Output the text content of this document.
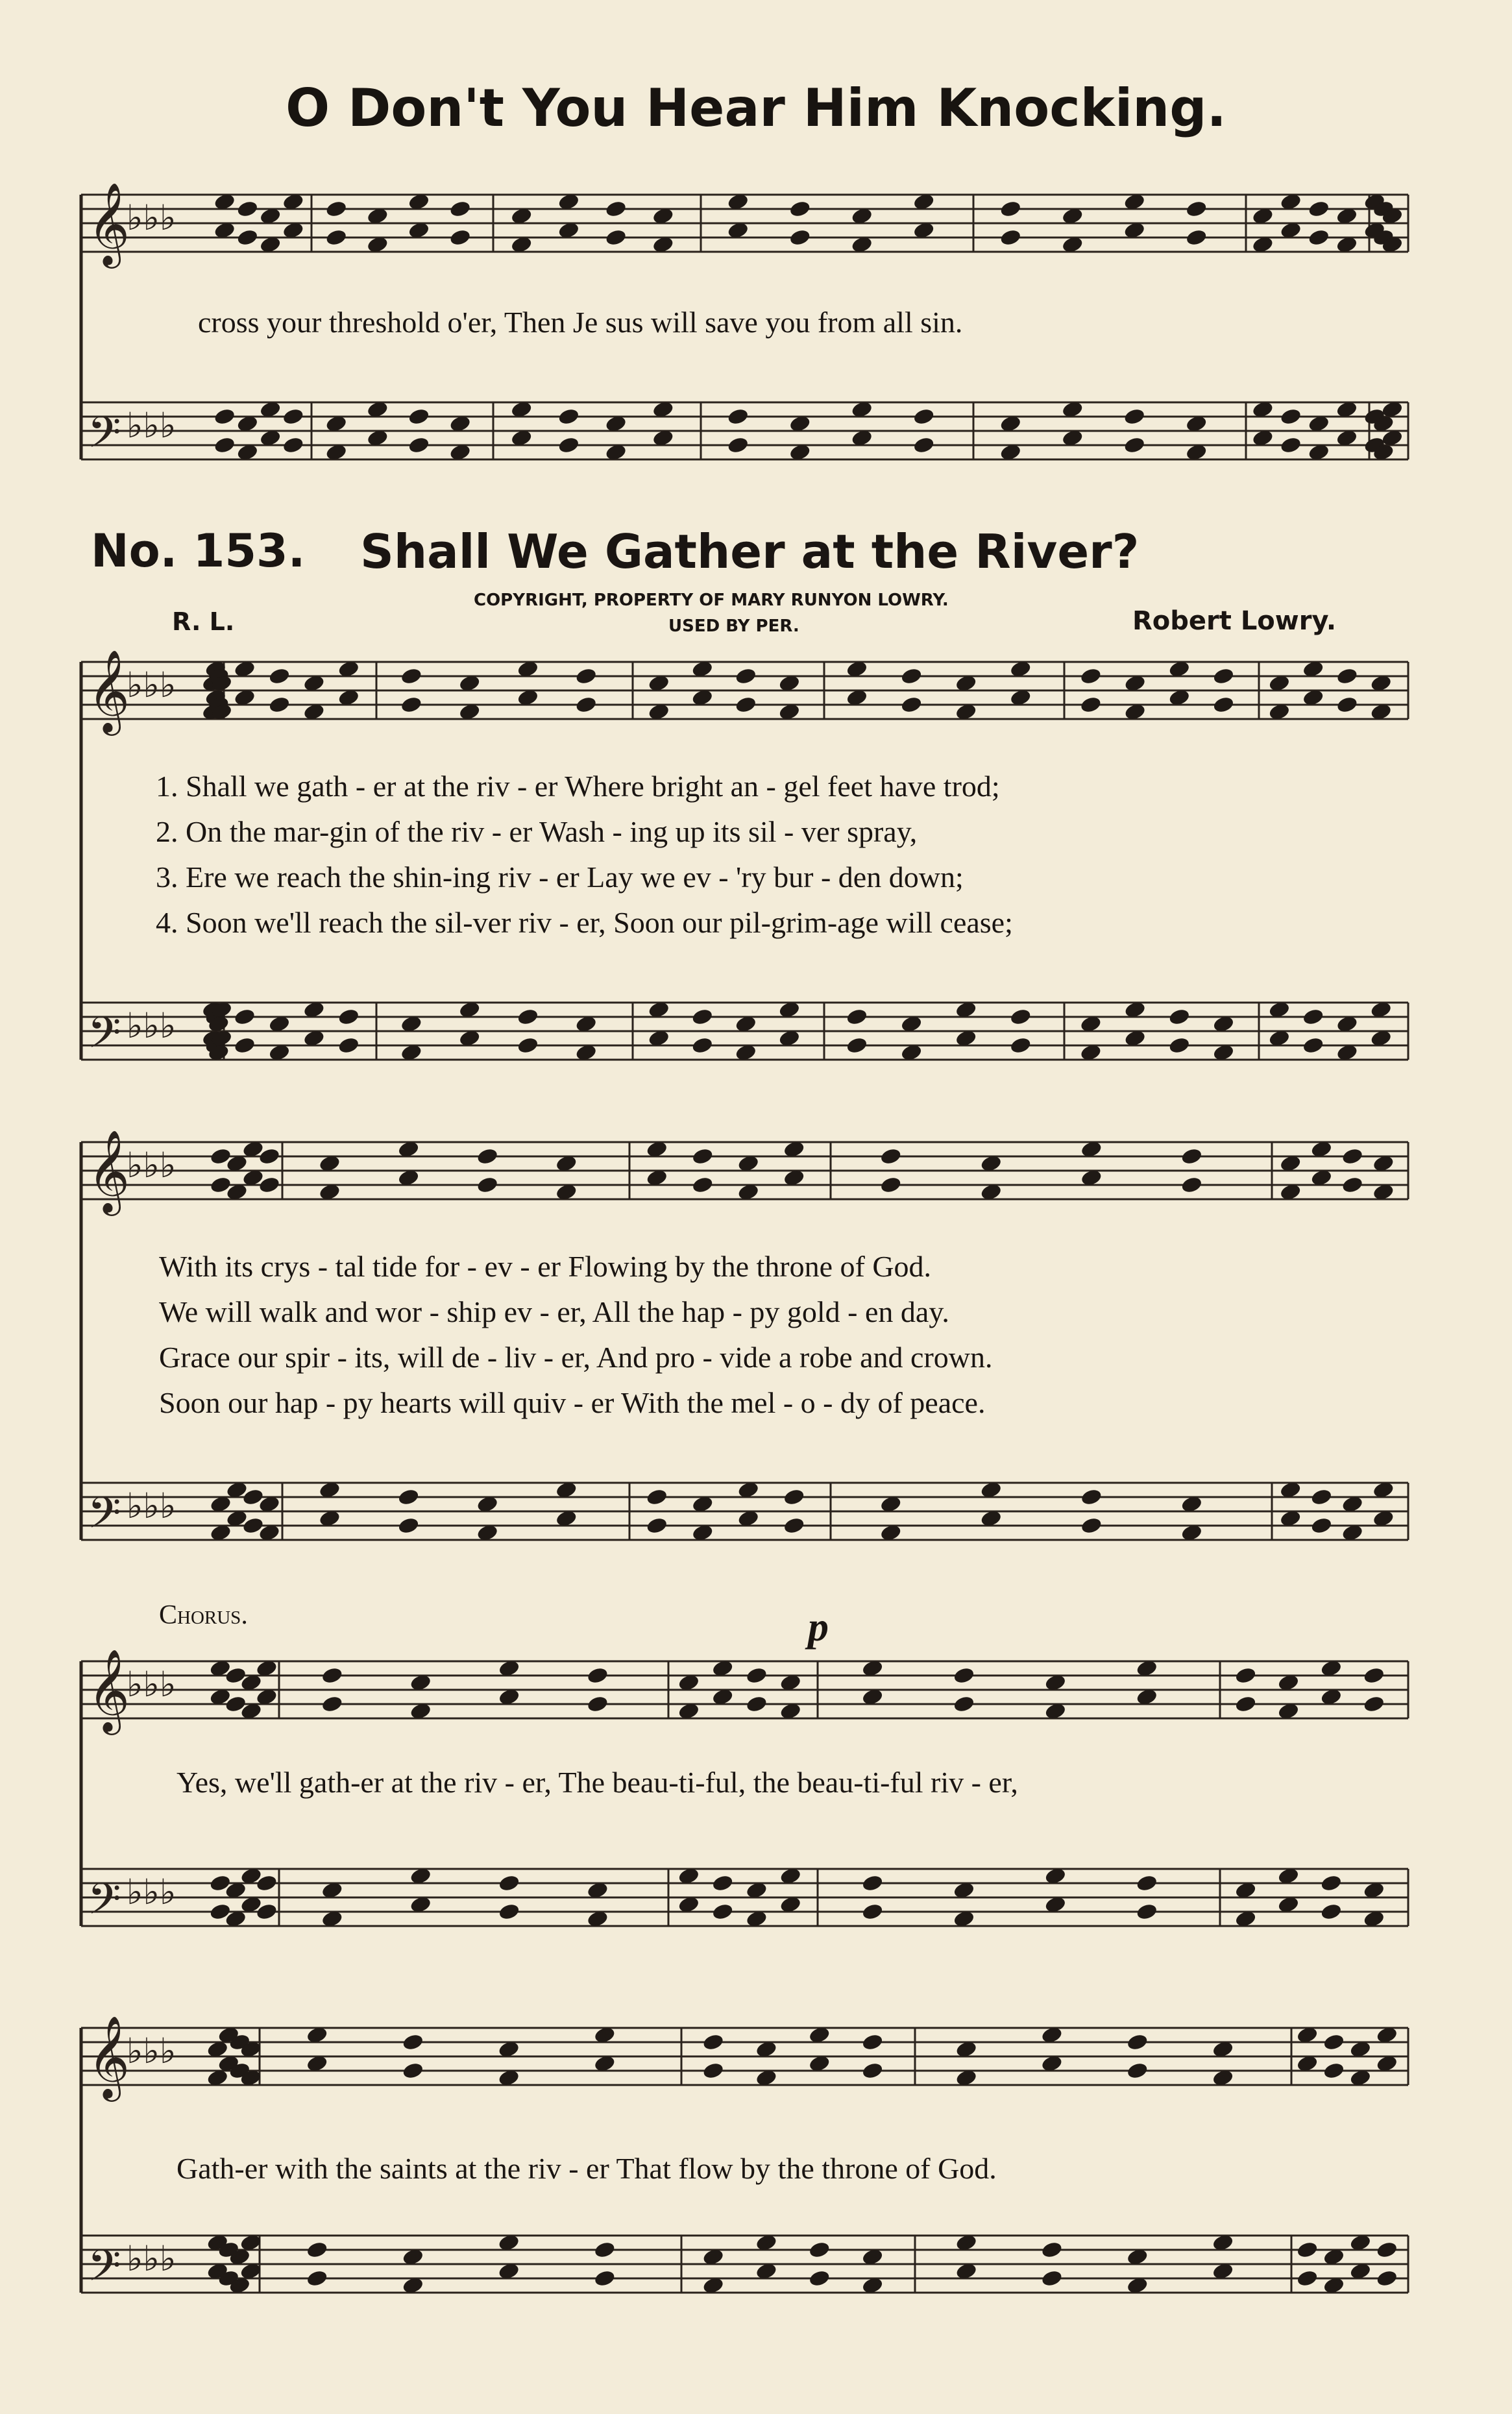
𝄞
♭♭♭
𝄢 ♭♭♭
𝄞
♭♭♭
𝄢 ♭♭♭
𝄞
♭♭♭
𝄢 ♭♭♭
𝄞
♭♭♭
𝄢 ♭♭♭
𝄞
♭♭♭
𝄢 ♭♭♭
O Don't You Hear Him Knocking.
cross your threshold o'er, Then Je sus will save you from all sin.
No. 153. Shall We Gather at the River?
R. L.
COPYRIGHT, PROPERTY OF MARY RUNYON LOWRY.
USED BY PER.	Robert Lowry.
1. Shall we gath - er at the riv - er Where bright an - gel feet have trod;
2. On the mar-gin of the riv - er Wash - ing up its sil - ver spray,
3. Ere we reach the shin-ing riv - er Lay we ev - 'ry bur - den down;
4. Soon we'll reach the sil-ver riv - er, Soon our pil-grim-age will cease;
With its crys - tal tide for - ev - er Flowing by the throne of God.
We will walk and wor - ship ev - er, All the hap - py gold - en day.
Grace our spir - its, will de - liv - er, And pro - vide a robe and crown.
Soon our hap - py hearts will quiv - er With the mel - o - dy of peace.
Chorus.	p
Yes, we'll gath-er at the riv - er, The beau-ti-ful, the beau-ti-ful riv - er,
Gath-er with the saints at the riv - er That flow by the throne of God.
